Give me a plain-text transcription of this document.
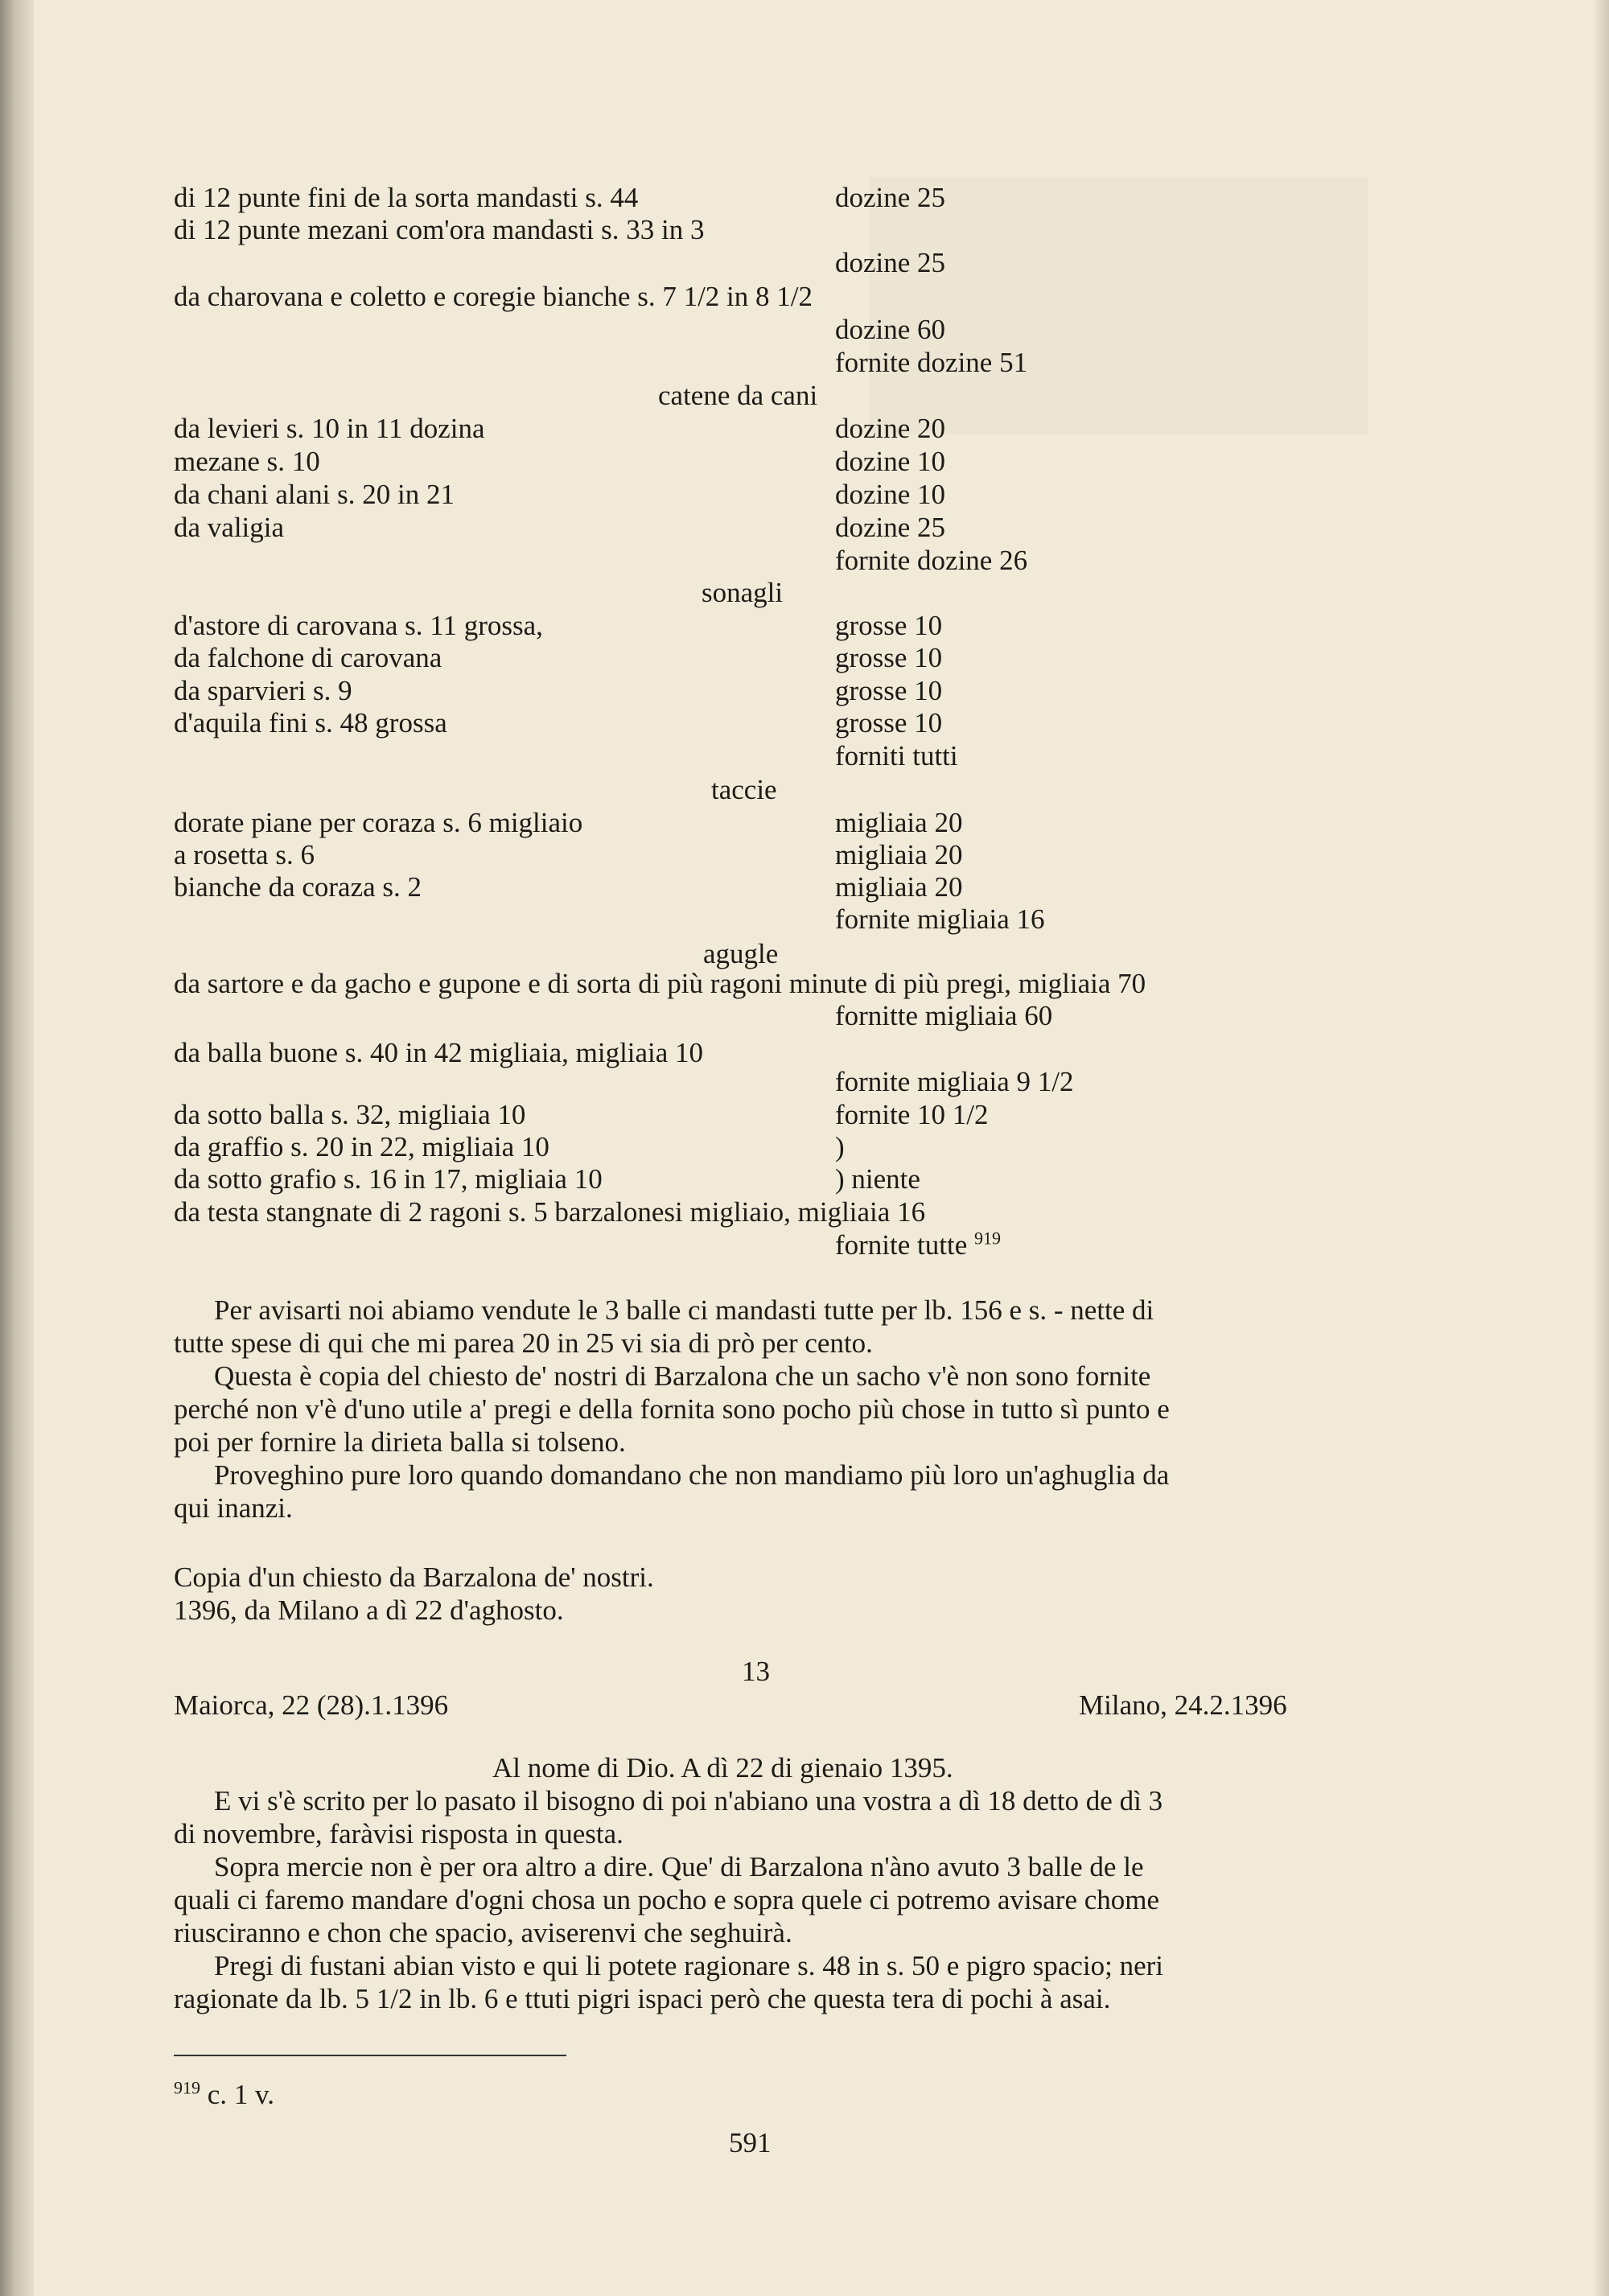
di 12 punte fini de la sorta mandasti s. 44	dozine 25
di 12 punte mezani com'ora mandasti s. 33 in 3
dozine 25
da charovana e coletto e coregie bianche s. 7 1/2 in 8 1/2
dozine 60
fornite dozine 51
catene da cani
da levieri s. 10 in 11 dozina	dozine 20
mezane s. 10	dozine 10
da chani alani s. 20 in 21	dozine 10
da valigia	dozine 25
fornite dozine 26
sonagli
d'astore di carovana s. 11 grossa,	grosse 10
da falchone di carovana	grosse 10
da sparvieri s. 9	grosse 10
d'aquila fini s. 48 grossa	grosse 10
forniti tutti
taccie
dorate piane per coraza s. 6 migliaio	migliaia 20
a rosetta s. 6	migliaia 20
bianche da coraza s. 2	migliaia 20
fornite migliaia 16
agugle
da sartore e da gacho e gupone e di sorta di più ragoni minute di più pregi, migliaia 70
fornitte migliaia 60
da balla buone s. 40 in 42 migliaia, migliaia 10
fornite migliaia 9 1/2
da sotto balla s. 32, migliaia 10	fornite 10 1/2
da graffio s. 20 in 22, migliaia 10	)
da sotto grafio s. 16 in 17, migliaia 10	) niente
da testa stangnate di 2 ragoni s. 5 barzalonesi migliaio, migliaia 16
fornite tutte $^{919}$
Per avisarti noi abiamo vendute le 3 balle ci mandasti tutte per lb. 156 e s. - nette di
tutte spese di qui che mi parea 20 in 25 vi sia di prò per cento.
Questa è copia del chiesto de' nostri di Barzalona che un sacho v'è non sono fornite
perché non v'è d'uno utile a' pregi e della fornita sono pocho più chose in tutto sì punto e
poi per fornire la dirieta balla si tolseno.
Proveghino pure loro quando domandano che non mandiamo più loro un'aghuglia da
qui inanzi.
Copia d'un chiesto da Barzalona de' nostri.
1396, da Milano a dì 22 d'aghosto.
13
Maiorca, 22 (28).1.1396	Milano, 24.2.1396
Al nome di Dio. A dì 22 di gienaio 1395.
E vi s'è scrito per lo pasato il bisogno di poi n'abiano una vostra a dì 18 detto de dì 3
di novembre, faràvisi risposta in questa.
Sopra mercie non è per ora altro a dire. Que' di Barzalona n'àno avuto 3 balle de le
quali ci faremo mandare d'ogni chosa un pocho e sopra quele ci potremo avisare chome
riusciranno e chon che spacio, aviserenvi che seghuirà.
Pregi di fustani abian visto e qui li potete ragionare s. 48 in s. 50 e pigro spacio; neri
ragionate da lb. 5 1/2 in lb. 6 e ttuti pigri ispaci però che questa tera di pochi à asai.
$^{919}$ c. 1 v.
591
